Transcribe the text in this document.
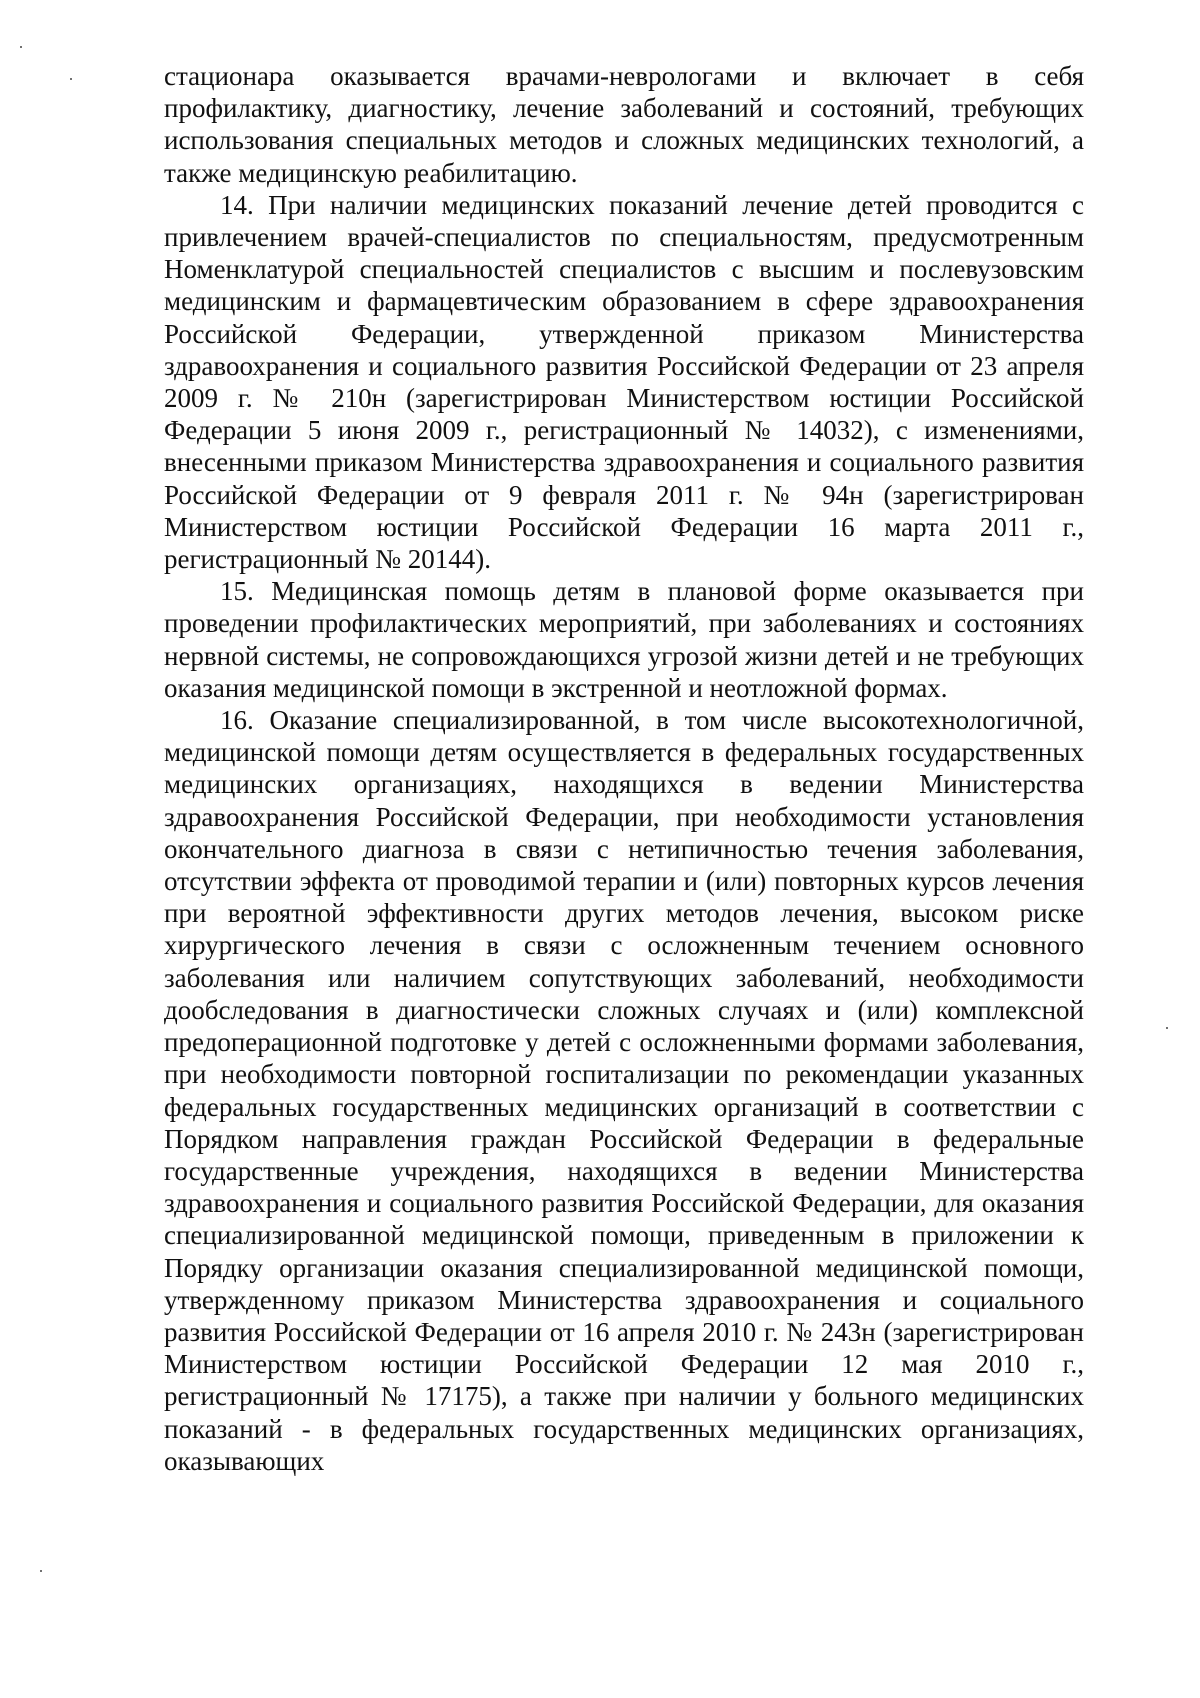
стационара оказывается врачами-неврологами и включает в себя профилактику, диагностику, лечение заболеваний и состояний, требующих использования специальных методов и сложных медицинских технологий, а также медицинскую реабилитацию.

14. При наличии медицинских показаний лечение детей проводится с привлечением врачей-специалистов по специальностям, предусмотренным Номенклатурой специальностей специалистов с высшим и послевузовским медицинским и фармацевтическим образованием в сфере здравоохранения Российской Федерации, утвержденной приказом Министерства здравоохранения и социального развития Российской Федерации от 23 апреля 2009 г. № 210н (зарегистрирован Министерством юстиции Российской Федерации 5 июня 2009 г., регистрационный № 14032), с изменениями, внесенными приказом Министерства здравоохранения и социального развития Российской Федерации от 9 февраля 2011 г. № 94н (зарегистрирован Министерством юстиции Российской Федерации 16 марта 2011 г., регистрационный № 20144).

15. Медицинская помощь детям в плановой форме оказывается при проведении профилактических мероприятий, при заболеваниях и состояниях нервной системы, не сопровождающихся угрозой жизни детей и не требующих оказания медицинской помощи в экстренной и неотложной формах.

16. Оказание специализированной, в том числе высокотехнологичной, медицинской помощи детям осуществляется в федеральных государственных медицинских организациях, находящихся в ведении Министерства здравоохранения Российской Федерации, при необходимости установления окончательного диагноза в связи с нетипичностью течения заболевания, отсутствии эффекта от проводимой терапии и (или) повторных курсов лечения при вероятной эффективности других методов лечения, высоком риске хирургического лечения в связи с осложненным течением основного заболевания или наличием сопутствующих заболеваний, необходимости дообследования в диагностически сложных случаях и (или) комплексной предоперационной подготовке у детей с осложненными формами заболевания, при необходимости повторной госпитализации по рекомендации указанных федеральных государственных медицинских организаций в соответствии с Порядком направления граждан Российской Федерации в федеральные государственные учреждения, находящихся в ведении Министерства здравоохранения и социального развития Российской Федерации, для оказания специализированной медицинской помощи, приведенным в приложении к Порядку организации оказания специализированной медицинской помощи, утвержденному приказом Министерства здравоохранения и социального развития Российской Федерации от 16 апреля 2010 г. № 243н (зарегистрирован Министерством юстиции Российской Федерации 12 мая 2010 г., регистрационный № 17175), а также при наличии у больного медицинских показаний - в федеральных государственных медицинских организациях, оказывающих
